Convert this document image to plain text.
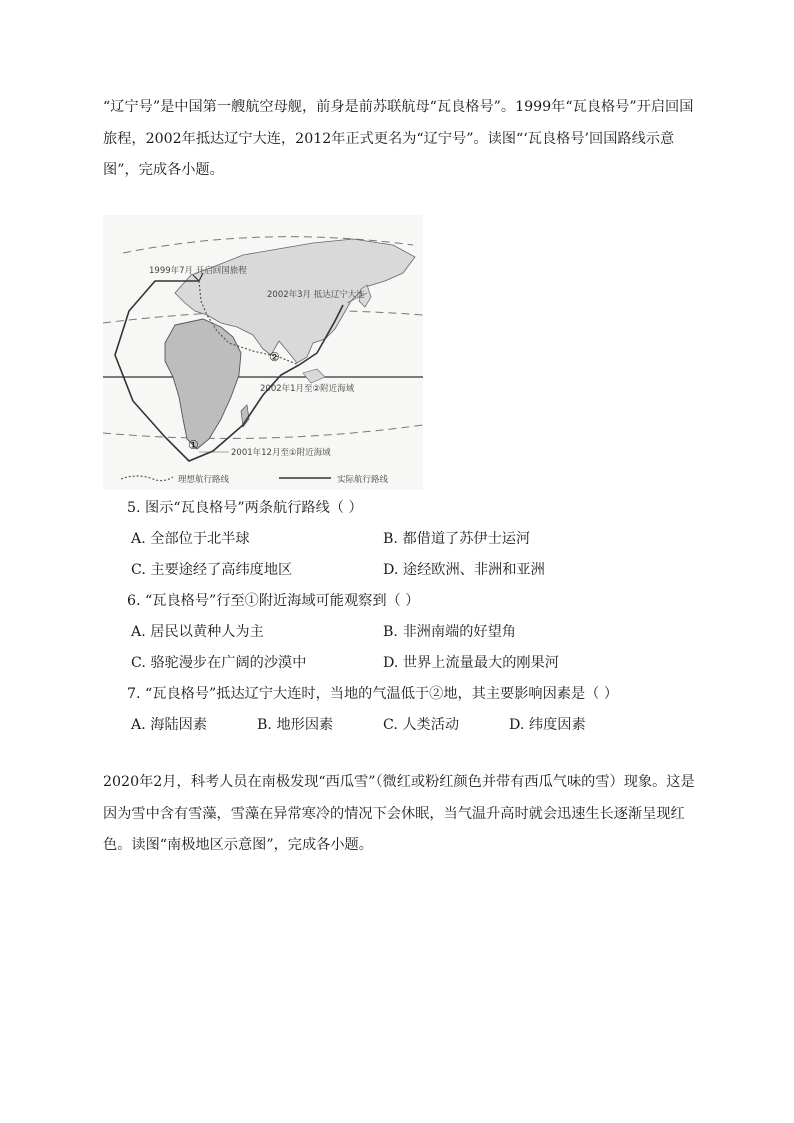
“辽宁号”是中国第一艘航空母舰，前身是前苏联航母“瓦良格号”。1999年“瓦良格号”开启回国旅程，2002年抵达辽宁大连，2012年正式更名为“辽宁号”。读图“‘瓦良格号’回国路线示意图”，完成各小题。
①
②
1999年7月 开启回国旅程
2002年3月 抵达辽宁大连
2002年1月至②附近海域
2001年12月至①附近海域
理想航行路线	实际航行路线
5. 图示“瓦良格号”两条航行路线（ ）
A. 全部位于北半球	B. 都借道了苏伊士运河
C. 主要途经了高纬度地区	D. 途经欧洲、非洲和亚洲
6. “瓦良格号”行至①附近海域可能观察到（ ）
A. 居民以黄种人为主	B. 非洲南端的好望角
C. 骆驼漫步在广阔的沙漠中	D. 世界上流量最大的刚果河
7. “瓦良格号”抵达辽宁大连时，当地的气温低于②地，其主要影响因素是（ ）
A. 海陆因素	B. 地形因素	C. 人类活动	D. 纬度因素
2020年2月，科考人员在南极发现“西瓜雪”（微红或粉红颜色并带有西瓜气味的雪）现象。这是因为雪中含有雪藻，雪藻在异常寒冷的情况下会休眠，当气温升高时就会迅速生长逐渐呈现红色。读图“南极地区示意图”，完成各小题。
